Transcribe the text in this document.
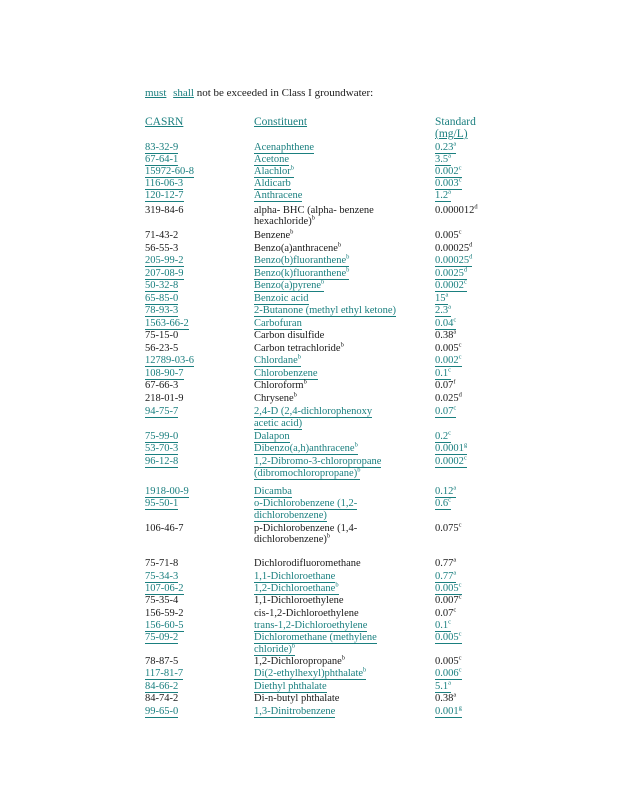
must shall not be exceeded in Class I groundwater:
CASRN	Constituent	Standard
(mg/L)
83-32-9	Acenaphthene	0.23$^a$
67-64-1	Acetone	3.5$^a$
15972-60-8	Alachlor$^b$	0.002$^c$
116-06-3	Aldicarb	0.003$^c$
120-12-7	Anthracene	1.2$^a$
319-84-6	alpha- BHC (alpha- benzene
hexachloride)$^b$
0.000012$^d$
71-43-2	Benzene$^b$	0.005$^c$
56-55-3	Benzo(a)anthracene$^b$	0.00025$^d$
205-99-2	Benzo(b)fluoranthene$^b$	0.00025$^d$
207-08-9	Benzo(k)fluoranthene$^b$	0.0025$^d$
50-32-8	Benzo(a)pyrene$^b$	0.0002$^c$
65-85-0	Benzoic acid	15$^a$
78-93-3	2-Butanone (methyl ethyl ketone)	2.3$^a$
1563-66-2	Carbofuran	0.04$^c$
75-15-0	Carbon disulfide	0.38$^a$
56-23-5	Carbon tetrachloride$^b$	0.005$^c$
12789-03-6	Chlordane$^b$	0.002$^c$
108-90-7	Chlorobenzene	0.1$^c$
67-66-3	Chloroform$^b$	0.07$^f$
218-01-9	Chrysene$^b$	0.025$^d$
94-75-7	2,4-D (2,4-dichlorophenoxy
acetic acid)
0.07$^c$
75-99-0	Dalapon	0.2$^c$
53-70-3	Dibenzo(a,h)anthracene$^b$	0.0001$^g$
96-12-8	1,2-Dibromo-3-chloropropane
(dibromochloropropane)$^b$
0.0002$^c$
1918-00-9	Dicamba	0.12$^a$
95-50-1	o-Dichlorobenzene (1,2-
dichlorobenzene)
0.6$^c$
106-46-7	p-Dichlorobenzene (1,4-
dichlorobenzene)$^b$
0.075$^c$
75-71-8	Dichlorodifluoromethane	0.77$^a$
75-34-3	1,1-Dichloroethane	0.77$^a$
107-06-2	1,2-Dichloroethane$^b$	0.005$^c$
75-35-4	1,1-Dichloroethylene	0.007$^c$
156-59-2	cis-1,2-Dichloroethylene	0.07$^c$
156-60-5	trans-1,2-Dichloroethylene	0.1$^c$
75-09-2	Dichloromethane (methylene
chloride)$^b$
0.005$^c$
78-87-5	1,2-Dichloropropane$^b$	0.005$^c$
117-81-7	Di(2-ethylhexyl)phthalate$^b$	0.006$^c$
84-66-2	Diethyl phthalate	5.1$^a$
84-74-2	Di-n-butyl phthalate	0.38$^a$
99-65-0	1,3-Dinitrobenzene	0.001$^g$
